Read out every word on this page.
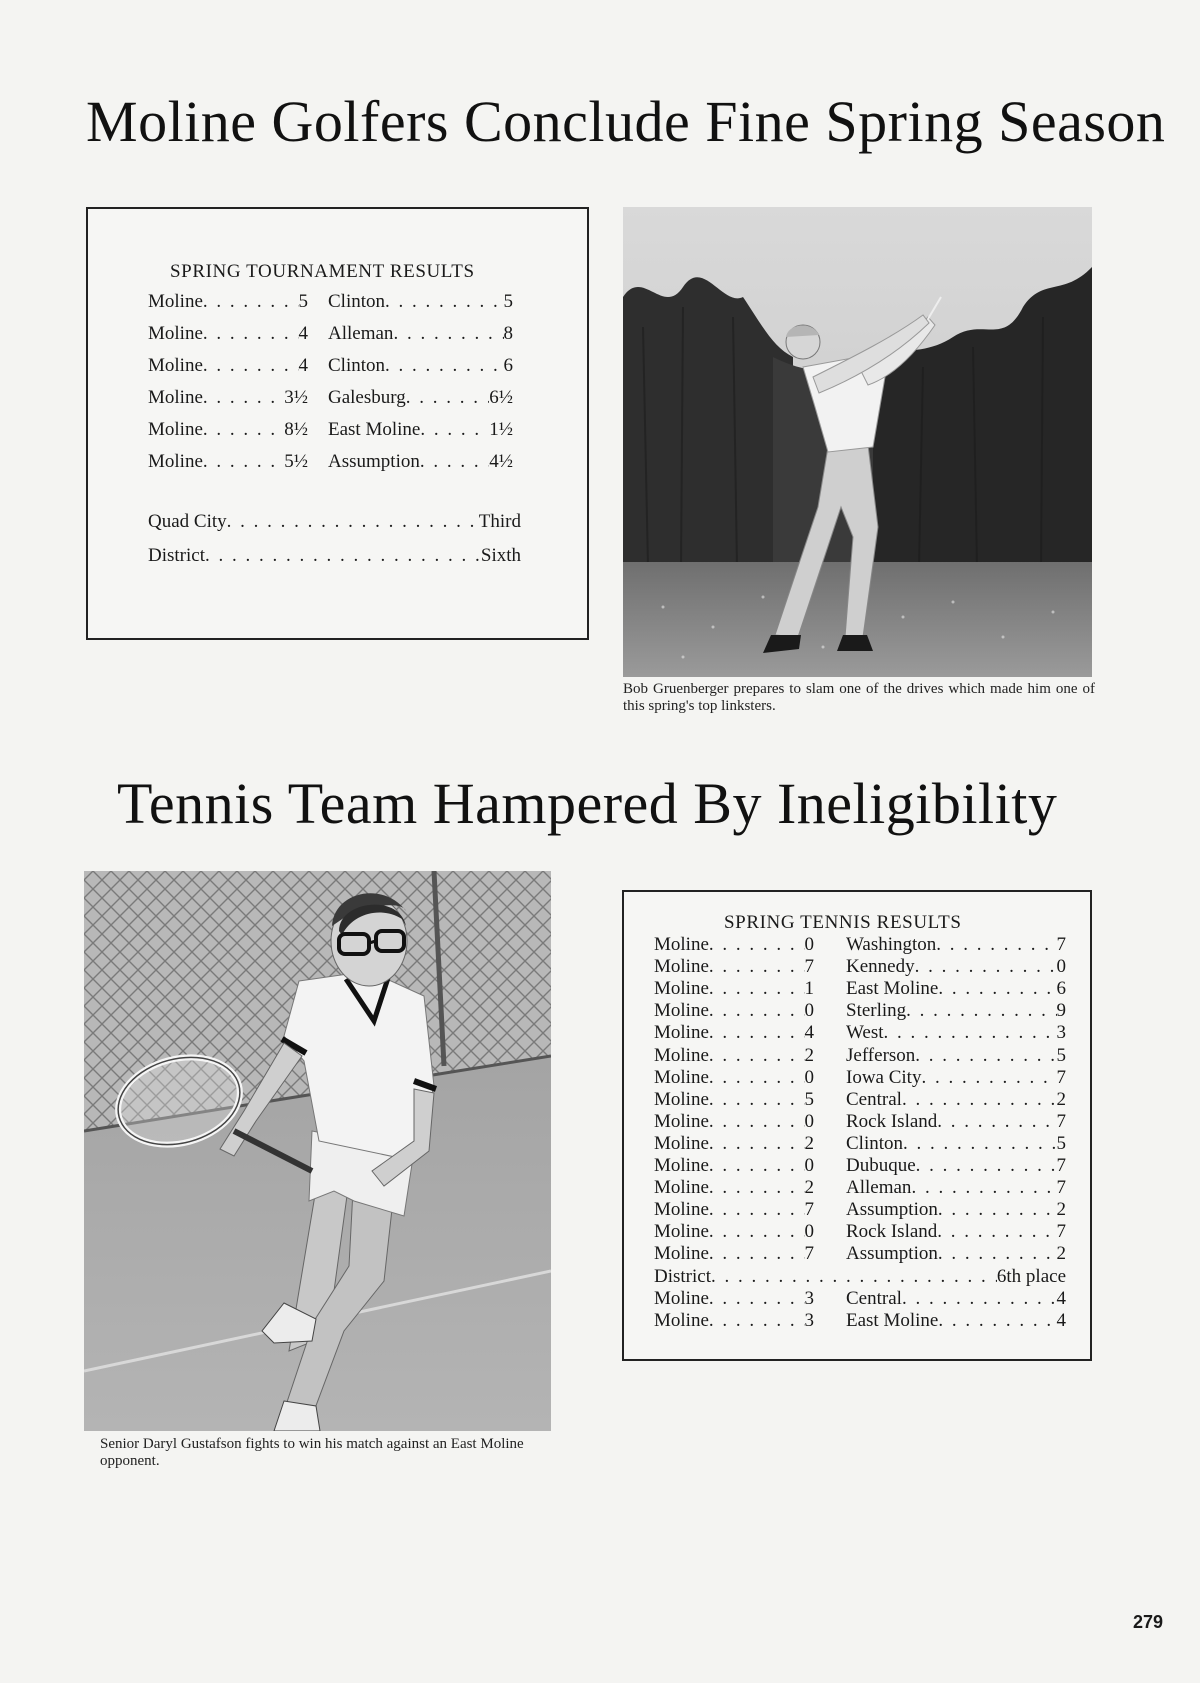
Moline Golfers Conclude Fine Spring Season
Tennis Team Hampered By Ineligibility
SPRING TOURNAMENT RESULTS
Moline . . .	5 Clinton . . .	5
Moline . . .	4 Alleman . . .	8
Moline . . .	4 Clinton . . .	6
Moline . . .	3½ Galesburg . . .	6½
Moline . . .	8½ East Moline . . .	1½
Moline . . .	5½ Assumption . . .	4½
Quad City . . .	Third
District . . .	Sixth
Bob Gruenberger prepares to slam one of the drives which made him one of this spring's top linksters.
Senior Daryl Gustafson fights to win his match against an East Moline opponent.
SPRING TENNIS RESULTS
Moline . . .	0 Washington . . .	7
Moline . . .	7 Kennedy . . .	0
Moline . . .	1 East Moline . . .	6
Moline . . .	0 Sterling . . .	9
Moline . . .	4 West . . .	3
Moline . . .	2 Jefferson . . .	5
Moline . . .	0 Iowa City . . .	7
Moline . . .	5 Central . . .	2
Moline . . .	0 Rock Island . . .	7
Moline . . .	2 Clinton . . .	5
Moline . . .	0 Dubuque . . .	7
Moline . . .	2 Alleman . . .	7
Moline . . .	7 Assumption . . .	2
Moline . . .	0 Rock Island . . .	7
Moline . . .	7 Assumption . . .	2
District . . .	6th place
Moline . . .	3 Central . . .	4
Moline . . .	3 East Moline . . .	4
279
